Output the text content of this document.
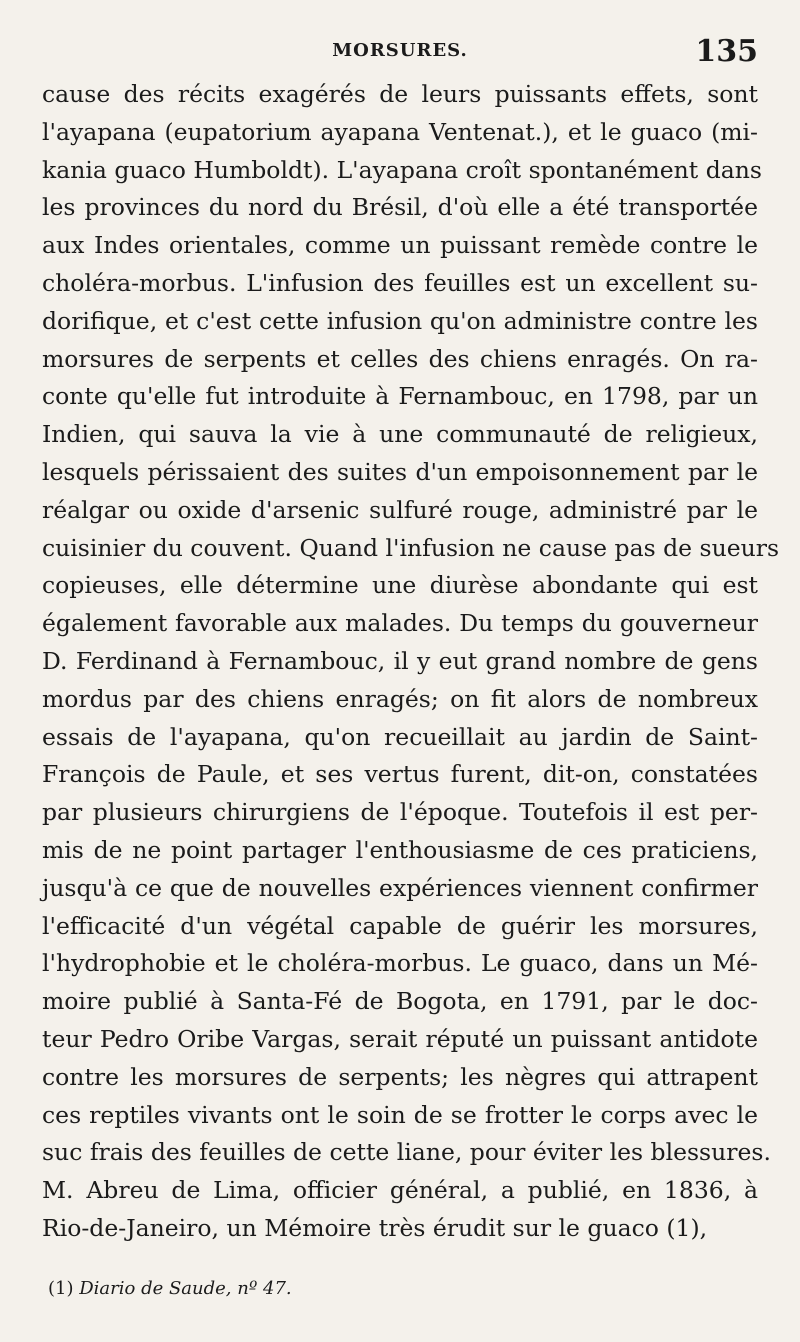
MORSURES.	135
cause des récits exagérés de leurs puissants effets, sont
l'ayapana (eupatorium ayapana Ventenat.), et le guaco (mi-
kania guaco Humboldt). L'ayapana croît spontanément dans
les provinces du nord du Brésil, d'où elle a été transportée
aux Indes orientales, comme un puissant remède contre le
choléra-morbus. L'infusion des feuilles est un excellent su-
dorifique, et c'est cette infusion qu'on administre contre les
morsures de serpents et celles des chiens enragés. On ra-
conte qu'elle fut introduite à Fernambouc, en 1798, par un
Indien, qui sauva la vie à une communauté de religieux,
lesquels périssaient des suites d'un empoisonnement par le
réalgar ou oxide d'arsenic sulfuré rouge, administré par le
cuisinier du couvent. Quand l'infusion ne cause pas de sueurs
copieuses, elle détermine une diurèse abondante qui est
également favorable aux malades. Du temps du gouverneur
D. Ferdinand à Fernambouc, il y eut grand nombre de gens
mordus par des chiens enragés; on fit alors de nombreux
essais de l'ayapana, qu'on recueillait au jardin de Saint-
François de Paule, et ses vertus furent, dit-on, constatées
par plusieurs chirurgiens de l'époque. Toutefois il est per-
mis de ne point partager l'enthousiasme de ces praticiens,
jusqu'à ce que de nouvelles expériences viennent confirmer
l'efficacité d'un végétal capable de guérir les morsures,
l'hydrophobie et le choléra-morbus. Le guaco, dans un Mé-
moire publié à Santa-Fé de Bogota, en 1791, par le doc-
teur Pedro Oribe Vargas, serait réputé un puissant antidote
contre les morsures de serpents; les nègres qui attrapent
ces reptiles vivants ont le soin de se frotter le corps avec le
suc frais des feuilles de cette liane, pour éviter les blessures.
M. Abreu de Lima, officier général, a publié, en 1836, à
Rio-de-Janeiro, un Mémoire très érudit sur le guaco (1),
(1) Diario de Saude, nº 47.
